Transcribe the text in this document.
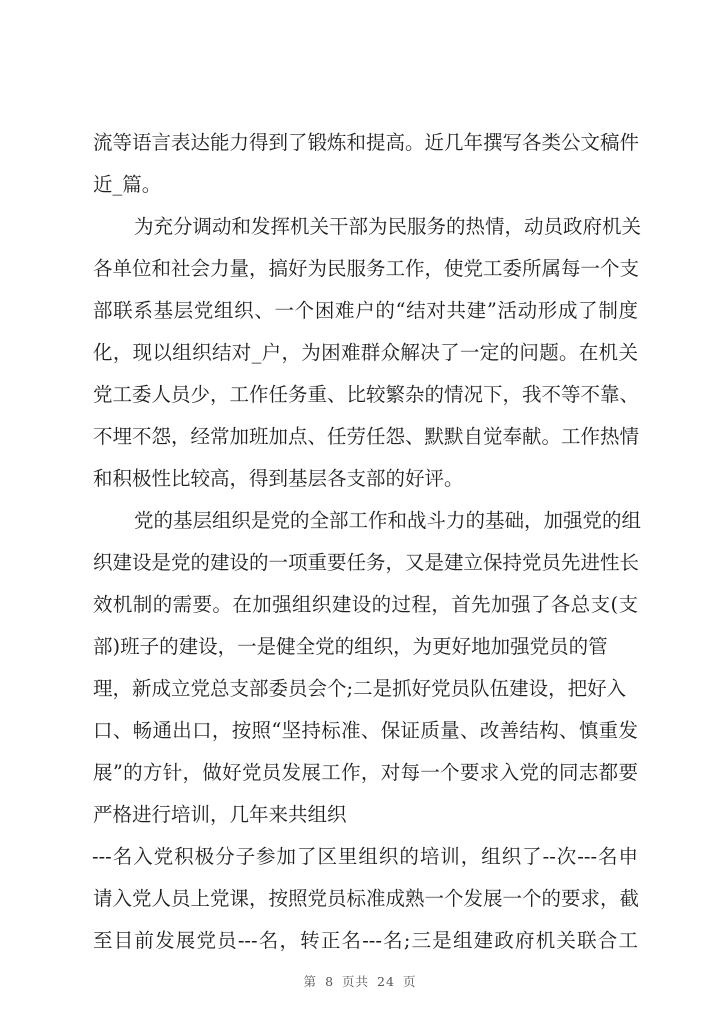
流等语言表达能力得到了锻炼和提高。近几年撰写各类公文稿件
近_篇。
为充分调动和发挥机关干部为民服务的热情，动员政府机关
各单位和社会力量，搞好为民服务工作，使党工委所属每一个支
部联系基层党组织、一个困难户的“结对共建”活动形成了制度
化，现以组织结对_户，为困难群众解决了一定的问题。在机关
党工委人员少，工作任务重、比较繁杂的情况下，我不等不靠、
不埋不怨，经常加班加点、任劳任怨、默默自觉奉献。工作热情
和积极性比较高，得到基层各支部的好评。
党的基层组织是党的全部工作和战斗力的基础，加强党的组
织建设是党的建设的一项重要任务，又是建立保持党员先进性长
效机制的需要。在加强组织建设的过程，首先加强了各总支(支
部)班子的建设，一是健全党的组织，为更好地加强党员的管
理，新成立党总支部委员会个;二是抓好党员队伍建设，把好入
口、畅通出口，按照“坚持标准、保证质量、改善结构、慎重发
展”的方针，做好党员发展工作，对每一个要求入党的同志都要
严格进行培训，几年来共组织
---名入党积极分子参加了区里组织的培训，组织了--次---名申
请入党人员上党课，按照党员标准成熟一个发展一个的要求，截
至目前发展党员---名，转正名---名;三是组建政府机关联合工
第 8 页共 24 页
